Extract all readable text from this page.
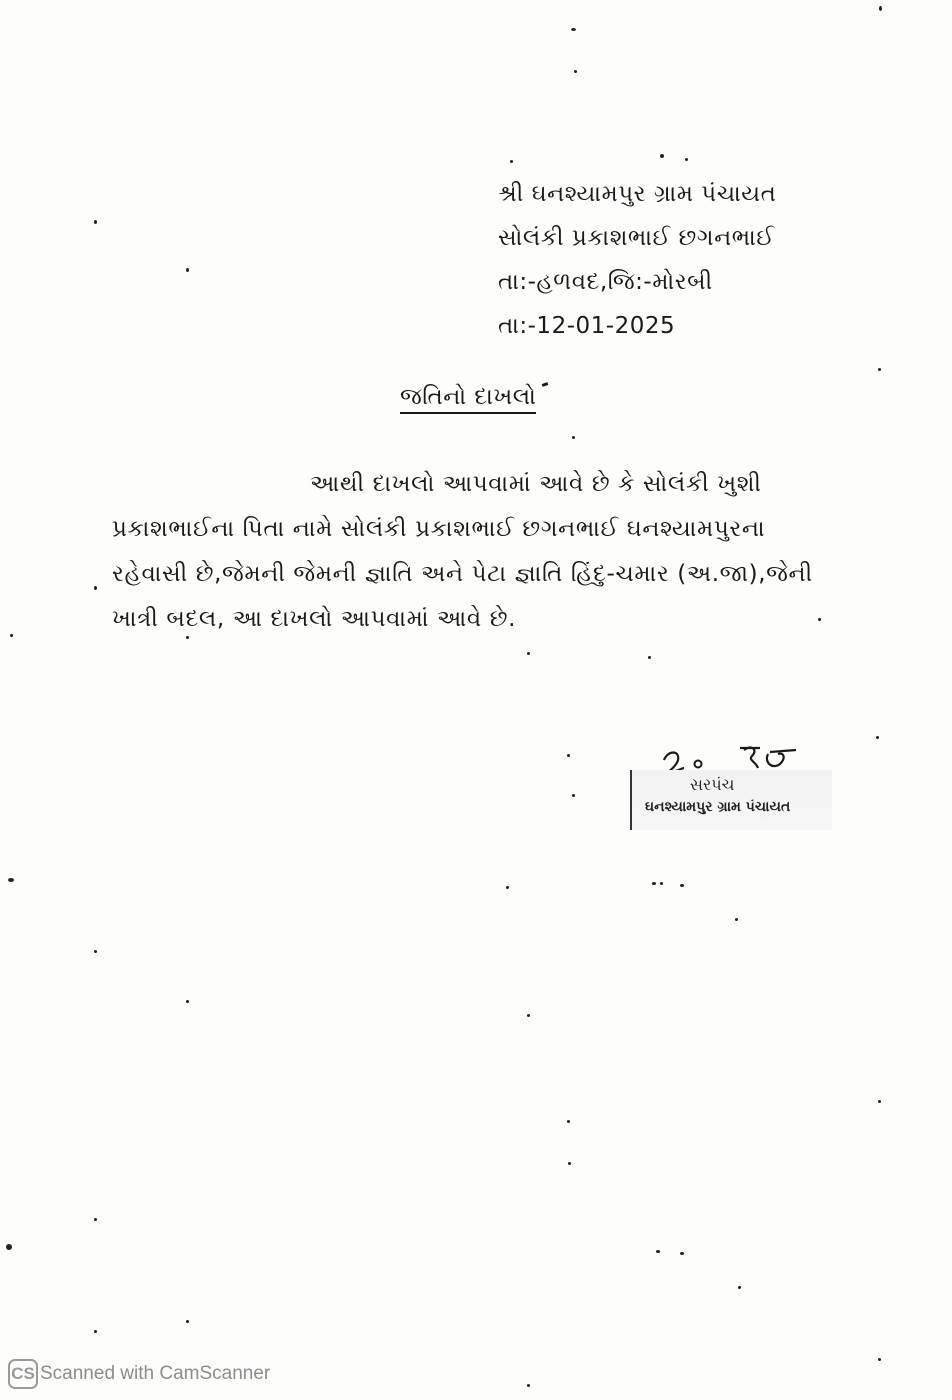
શ્રી ઘનશ્યામપુર ગ્રામ પંચાયત
સોલંકી પ્રકાશભાઈ છગનભાઈ
તા:-હળવદ,જિ:-મોરબી
તા:-12-01-2025
જતિનો દાખલો
આથી દાખલો આપવામાં આવે છે કે સોલંકી ખુશી
પ્રકાશભાઈના પિતા નામે સોલંકી પ્રકાશભાઈ છગનભાઈ ઘનશ્યામપુરના
રહેવાસી છે,જેમની જેમની જ્ઞાતિ અને પેટા જ્ઞાતિ હિંદુ-ચમાર (અ.જા),જેની
ખાત્રી બદલ, આ દાખલો આપવામાં આવે છે.
સરપંચ
ઘનશ્યામપુર ગ્રામ પંચાયત
CS Scanned with CamScanner
